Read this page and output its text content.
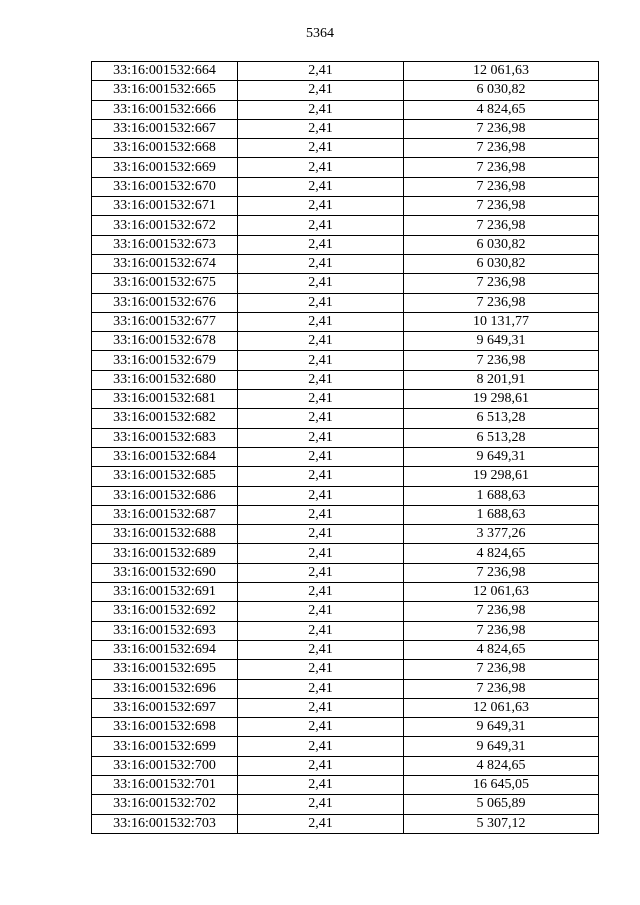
5364
33:16:001532:664	2,41	12 061,63
33:16:001532:665	2,41	6 030,82
33:16:001532:666	2,41	4 824,65
33:16:001532:667	2,41	7 236,98
33:16:001532:668	2,41	7 236,98
33:16:001532:669	2,41	7 236,98
33:16:001532:670	2,41	7 236,98
33:16:001532:671	2,41	7 236,98
33:16:001532:672	2,41	7 236,98
33:16:001532:673	2,41	6 030,82
33:16:001532:674	2,41	6 030,82
33:16:001532:675	2,41	7 236,98
33:16:001532:676	2,41	7 236,98
33:16:001532:677	2,41	10 131,77
33:16:001532:678	2,41	9 649,31
33:16:001532:679	2,41	7 236,98
33:16:001532:680	2,41	8 201,91
33:16:001532:681	2,41	19 298,61
33:16:001532:682	2,41	6 513,28
33:16:001532:683	2,41	6 513,28
33:16:001532:684	2,41	9 649,31
33:16:001532:685	2,41	19 298,61
33:16:001532:686	2,41	1 688,63
33:16:001532:687	2,41	1 688,63
33:16:001532:688	2,41	3 377,26
33:16:001532:689	2,41	4 824,65
33:16:001532:690	2,41	7 236,98
33:16:001532:691	2,41	12 061,63
33:16:001532:692	2,41	7 236,98
33:16:001532:693	2,41	7 236,98
33:16:001532:694	2,41	4 824,65
33:16:001532:695	2,41	7 236,98
33:16:001532:696	2,41	7 236,98
33:16:001532:697	2,41	12 061,63
33:16:001532:698	2,41	9 649,31
33:16:001532:699	2,41	9 649,31
33:16:001532:700	2,41	4 824,65
33:16:001532:701	2,41	16 645,05
33:16:001532:702	2,41	5 065,89
33:16:001532:703	2,41	5 307,12
